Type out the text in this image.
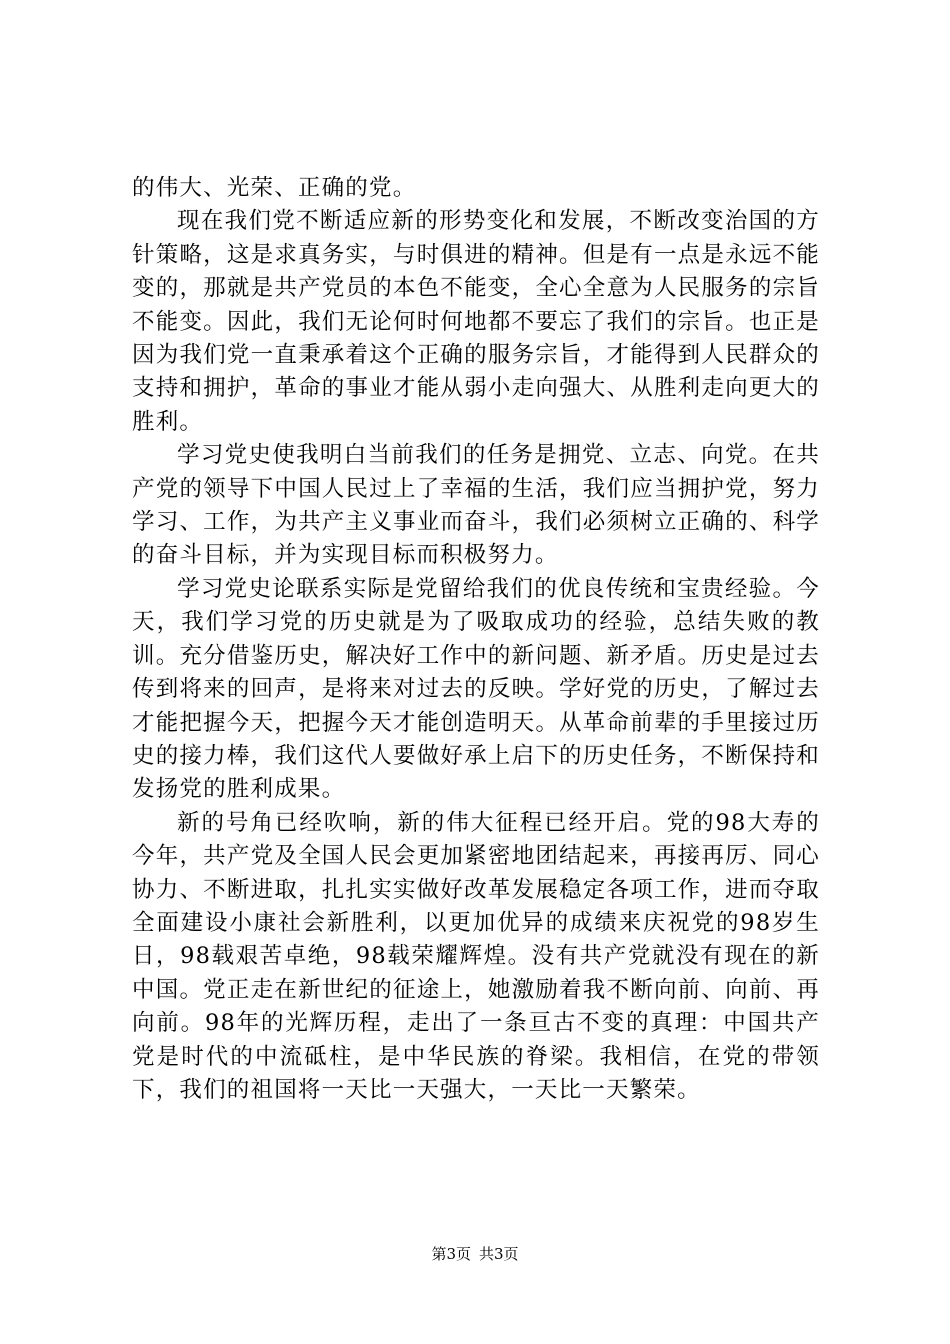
的伟大、光荣、正确的党。

现在我们党不断适应新的形势变化和发展，不断改变治国的方针策略，这是求真务实，与时俱进的精神。但是有一点是永远不能变的，那就是共产党员的本色不能变，全心全意为人民服务的宗旨不能变。因此，我们无论何时何地都不要忘了我们的宗旨。也正是因为我们党一直秉承着这个正确的服务宗旨，才能得到人民群众的支持和拥护，革命的事业才能从弱小走向强大、从胜利走向更大的胜利。

学习党史使我明白当前我们的任务是拥党、立志、向党。在共产党的领导下中国人民过上了幸福的生活，我们应当拥护党，努力学习、工作，为共产主义事业而奋斗，我们必须树立正确的、科学的奋斗目标，并为实现目标而积极努力。

学习党史论联系实际是党留给我们的优良传统和宝贵经验。今天，我们学习党的历史就是为了吸取成功的经验，总结失败的教训。充分借鉴历史，解决好工作中的新问题、新矛盾。历史是过去传到将来的回声，是将来对过去的反映。学好党的历史，了解过去才能把握今天，把握今天才能创造明天。从革命前辈的手里接过历史的接力棒，我们这代人要做好承上启下的历史任务，不断保持和发扬党的胜利成果。

新的号角已经吹响，新的伟大征程已经开启。党的98大寿的今年，共产党及全国人民会更加紧密地团结起来，再接再厉、同心协力、不断进取，扎扎实实做好改革发展稳定各项工作，进而夺取全面建设小康社会新胜利，以更加优异的成绩来庆祝党的98岁生日，98载艰苦卓绝，98载荣耀辉煌。没有共产党就没有现在的新中国。党正走在新世纪的征途上，她激励着我不断向前、向前、再向前。98年的光辉历程，走出了一条亘古不变的真理：中国共产党是时代的中流砥柱，是中华民族的脊梁。我相信，在党的带领下，我们的祖国将一天比一天强大，一天比一天繁荣。

第3页 共3页
